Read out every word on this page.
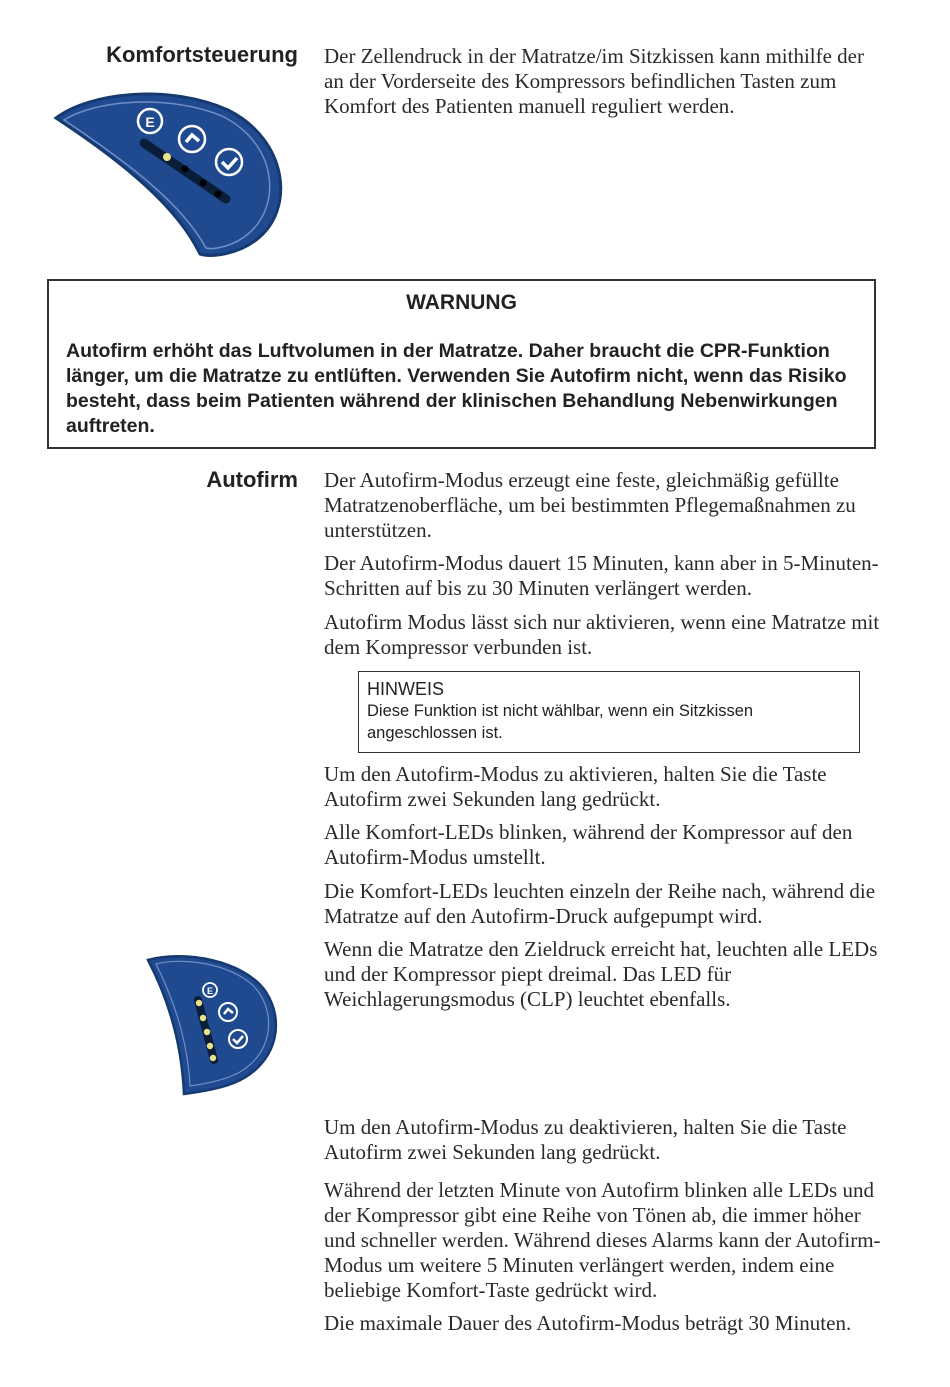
Komfortsteuerung Der Zellendruck in der Matratze/im Sitzkissen kann mithilfe der an der Vorderseite des Kompressors befindlichen Tasten zum Komfort des Patienten manuell reguliert werden.

E
WARNUNG

Autofirm erhöht das Luftvolumen in der Matratze. Daher braucht die CPR-Funktion länger, um die Matratze zu entlüften. Verwenden Sie Autofirm nicht, wenn das Risiko besteht, dass beim Patienten während der klinischen Behandlung Nebenwirkungen auftreten.

Autofirm Der Autofirm-Modus erzeugt eine feste, gleichmäßig gefüllte Matratzenoberfläche, um bei bestimmten Pflegemaßnahmen zu unterstützen.

Der Autofirm-Modus dauert 15 Minuten, kann aber in 5-Minuten-Schritten auf bis zu 30 Minuten verlängert werden.

Autofirm Modus lässt sich nur aktivieren, wenn eine Matratze mit dem Kompressor verbunden ist.

HINWEIS
Diese Funktion ist nicht wählbar, wenn ein Sitzkissen angeschlossen ist.

Um den Autofirm-Modus zu aktivieren, halten Sie die Taste Autofirm zwei Sekunden lang gedrückt.

Alle Komfort-LEDs blinken, während der Kompressor auf den Autofirm-Modus umstellt.

Die Komfort-LEDs leuchten einzeln der Reihe nach, während die Matratze auf den Autofirm-Druck aufgepumpt wird.

Wenn die Matratze den Zieldruck erreicht hat, leuchten alle LEDs und der Kompressor piept dreimal. Das LED für Weichlagerungsmodus (CLP) leuchtet ebenfalls.

E

Um den Autofirm-Modus zu deaktivieren, halten Sie die Taste Autofirm zwei Sekunden lang gedrückt.

Während der letzten Minute von Autofirm blinken alle LEDs und der Kompressor gibt eine Reihe von Tönen ab, die immer höher und schneller werden. Während dieses Alarms kann der Autofirm-Modus um weitere 5 Minuten verlängert werden, indem eine beliebige Komfort-Taste gedrückt wird.

Die maximale Dauer des Autofirm-Modus beträgt 30 Minuten.
